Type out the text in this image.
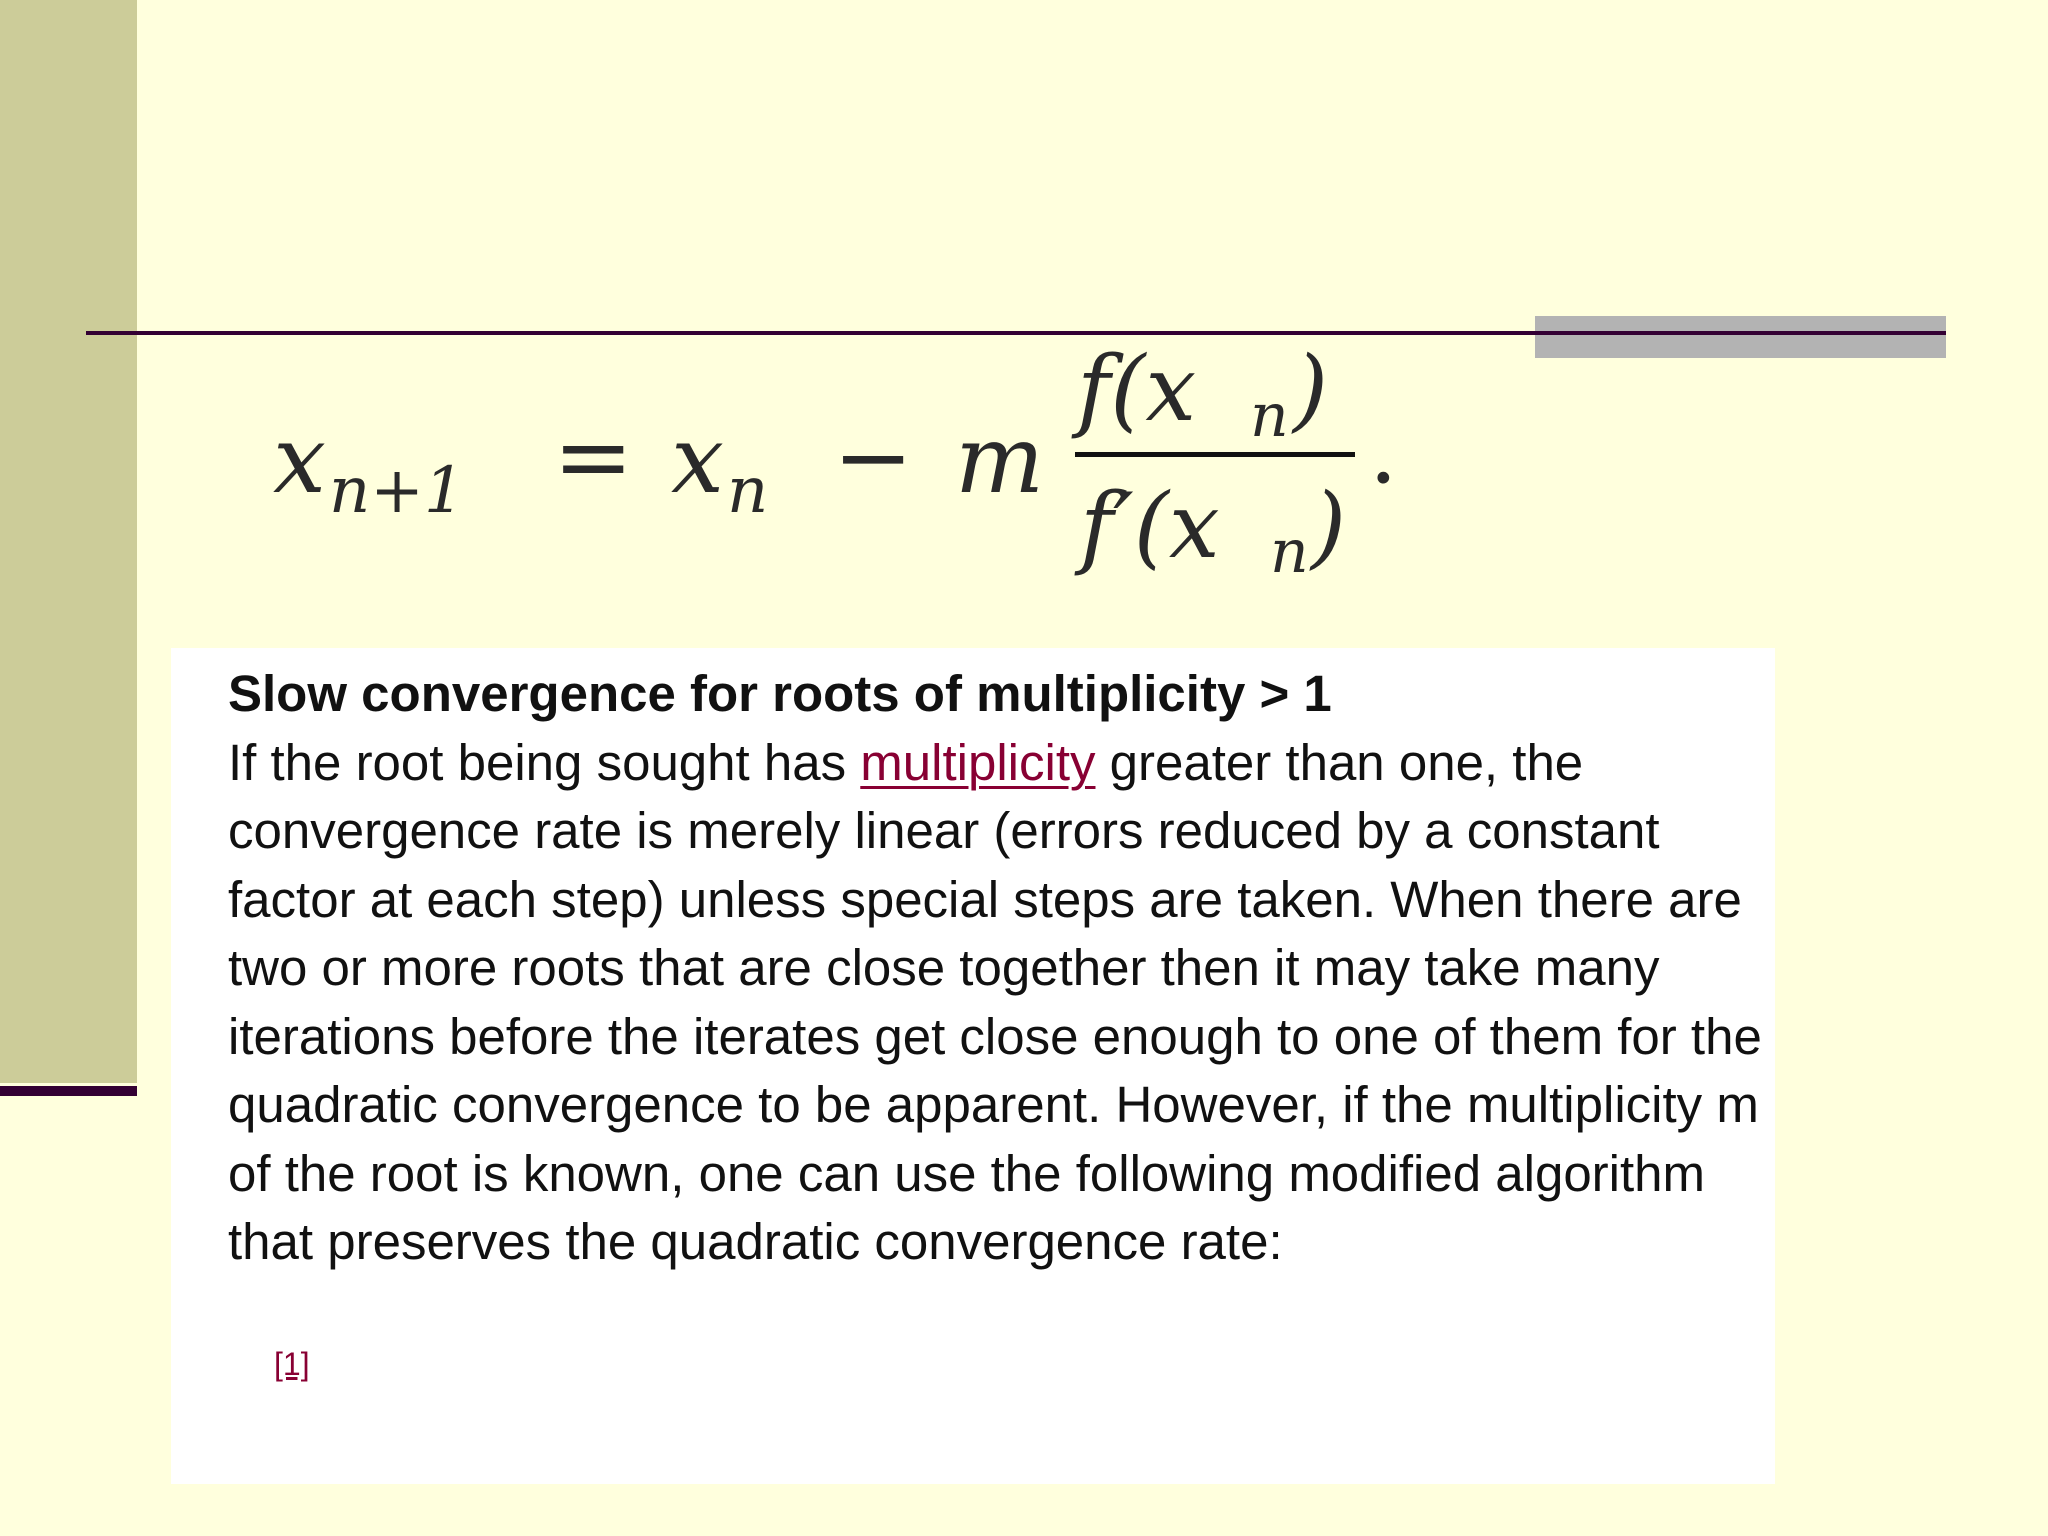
x n+1 = x n − m
f(x n )
f′(x n )
.
Slow convergence for roots of multiplicity > 1
If the root being sought has multiplicity greater than one, the convergence rate is merely linear (errors reduced by a constant factor at each step) unless special steps are taken. When there are two or more roots that are close together then it may take many iterations before the iterates get close enough to one of them for the quadratic convergence to be apparent. However, if the multiplicity m of the root is known, one can use the following modified algorithm that preserves the quadratic convergence rate:
[1]
